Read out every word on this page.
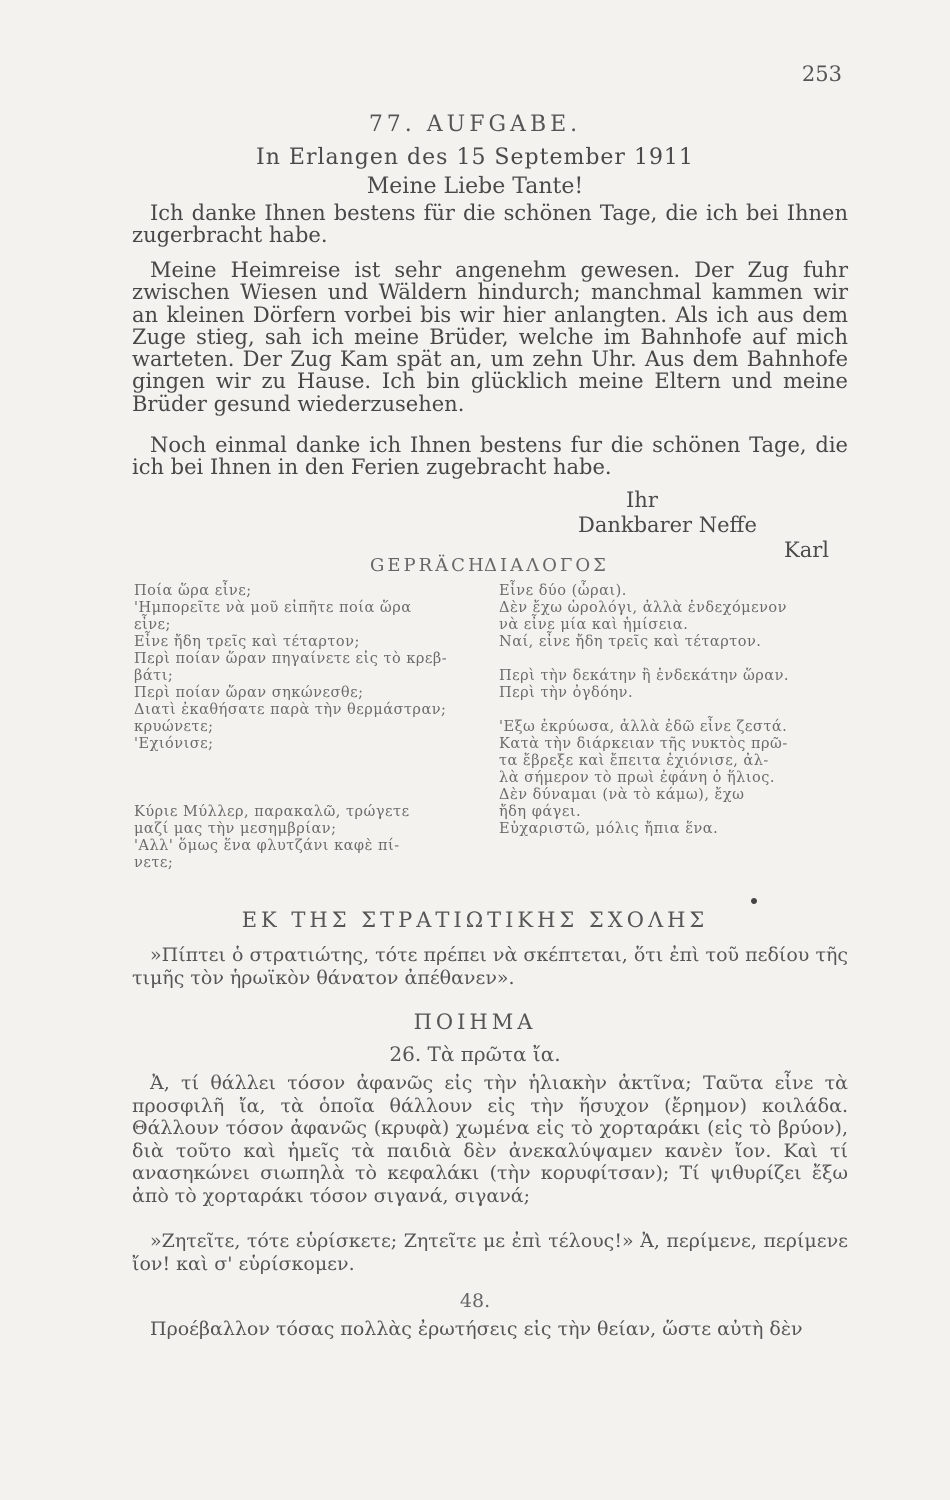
253
77. AUFGABE.
In Erlangen des 15 September 1911
Meine Liebe Tante!
Ich danke Ihnen bestens für die schönen Tage, die ich bei Ihnen zugerbracht habe.
Meine Heimreise ist sehr angenehm gewesen. Der Zug fuhr zwischen Wiesen und Wäldern hindurch; manchmal kammen wir an kleinen Dörfern vorbei bis wir hier anlangten. Als ich aus dem Zuge stieg, sah ich meine Brüder, welche im Bahnhofe auf mich warteten. Der Zug Kam spät an, um zehn Uhr. Aus dem Bahnhofe gingen wir zu Hause. Ich bin glücklich meine Eltern und meine Brüder gesund wiederzusehen.
Noch einmal danke ich Ihnen bestens fur die schönen Tage, die ich bei Ihnen in den Ferien zugebracht habe.
Ihr
Dankbarer Neffe
Karl
GEPRÄCH
ΔΙΑΛΟΓΟΣ
Ποία ὥρα εἶνε;
'Ημπορεῖτε νὰ μοῦ εἰπῆτε ποία ὥρα
εἶνε;
Εἶνε ἤδη τρεῖς καὶ τέταρτον;
Περὶ ποίαν ὥραν πηγαίνετε εἰς τὸ κρεβ-
βάτι;
Περὶ ποίαν ὥραν σηκώνεσθε;
Διατὶ ἐκαθήσατε παρὰ τὴν θερμάστραν;
κρυώνετε;
'Εχιόνισε;

Κύριε Μύλλερ, παρακαλῶ, τρώγετε
μαζί μας τὴν μεσημβρίαν;
'Αλλ' ὅμως ἕνα φλυτζάνι καφὲ πί-
νετε;
Εἶνε δύο (ὧραι).
Δὲν ἔχω ὡρολόγι, ἀλλὰ ἐνδεχόμενον
νὰ εἶνε μία καὶ ἡμίσεια.
Ναί, εἶνε ἤδη τρεῖς καὶ τέταρτον.

Περὶ τὴν δεκάτην ἢ ἑνδεκάτην ὥραν.
Περὶ τὴν ὀγδόην.

'Εξω ἐκρύωσα, ἀλλὰ ἐδῶ εἶνε ζεστά.
Κατὰ τὴν διάρκειαν τῆς νυκτὸς πρῶ-
τα ἔβρεξε καὶ ἔπειτα ἐχιόνισε, ἀλ-
λὰ σήμερον τὸ πρωὶ ἐφάνη ὁ ἥλιος.
Δὲν δύναμαι (νὰ τὸ κάμω), ἔχω
ἤδη φάγει.
Εὐχαριστῶ, μόλις ἤπια ἕνα.
ΕΚ ΤΗΣ ΣΤΡΑΤΙΩΤΙΚΗΣ ΣΧΟΛΗΣ
»Πίπτει ὁ στρατιώτης, τότε πρέπει νὰ σκέπτεται, ὅτι ἐπὶ τοῦ πεδίου τῆς τιμῆς τὸν ἡρωϊκὸν θάνατον ἀπέθανεν».
ΠΟΙΗΜΑ
26. Τὰ πρῶτα ἴα.
Ἀ, τί θάλλει τόσον ἀφανῶς εἰς τὴν ἡλιακὴν ἀκτῖνα; Ταῦτα εἶνε τὰ προσφιλῆ ἴα, τὰ ὁποῖα θάλλουν εἰς τὴν ἥσυχον (ἔρημον) κοιλάδα. Θάλλουν τόσον ἀφανῶς (κρυφὰ) χωμένα εἰς τὸ χορταράκι (εἰς τὸ βρύον), διὰ τοῦτο καὶ ἡμεῖς τὰ παιδιὰ δὲν ἀνεκαλύψαμεν κανὲν ἴον. Καὶ τί ανασηκώνει σιωπηλὰ τὸ κεφαλάκι (τὴν κορυφίτσαν); Τί ψιθυρίζει ἔξω ἀπὸ τὸ χορταράκι τόσον σιγανά, σιγανά;
»Ζητεῖτε, τότε εὑρίσκετε; Ζητεῖτε με ἐπὶ τέλους!» Ἀ, περίμενε, περίμενε ἴον! καὶ σ' εὑρίσκομεν.
48.
Προέβαλλον τόσας πολλὰς ἐρωτήσεις εἰς τὴν θείαν, ὥστε αὐτὴ δὲν
